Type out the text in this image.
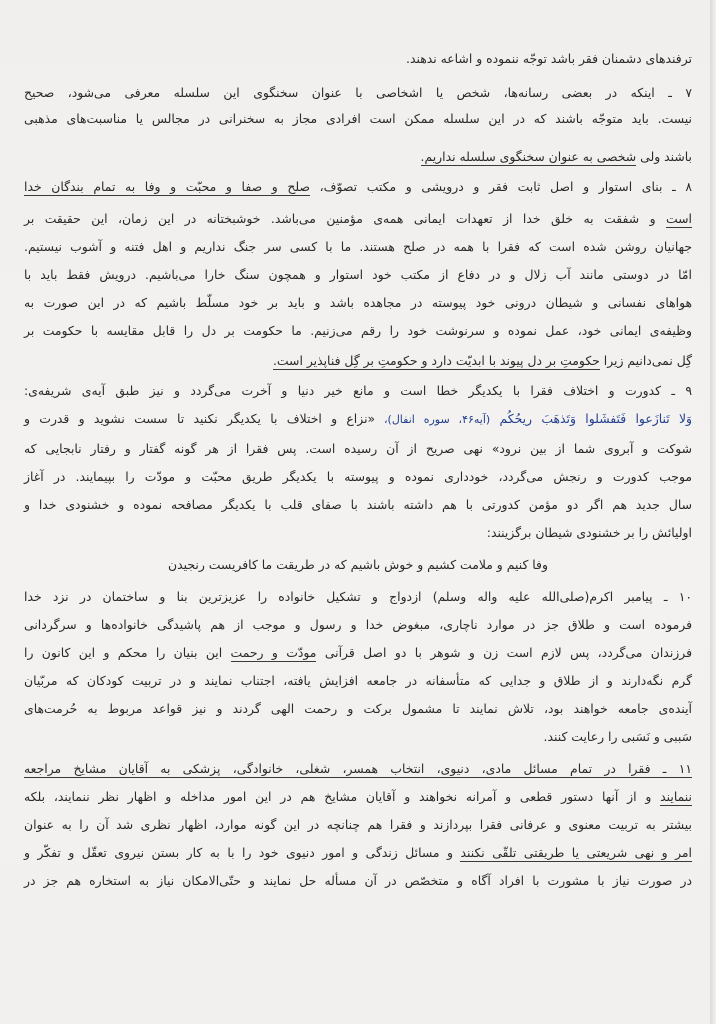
ترفندهای دشمنان فقر باشد توجّه ننموده و اشاعه ندهند.
۷ ـ اینکه در بعضی رسانه‌ها، شخص یا اشخاصی با عنوان سخنگوی این سلسله معرفی می‌شود، صحیح
نیست. باید متوجّه باشند که در این سلسله ممکن است افرادی مجاز به سخنرانی در مجالس یا مناسبت‌های مذهبی
باشند ولی شخصی به عنوان سخنگوی سلسله نداریم.
۸ ـ بنای استوار و اصل ثابت فقر و درویشی و مکتب تصوّف، صلح و صفا و محبّت و وفا به تمام بندگان خدا
است و شفقت به خلق خدا از تعهدات ایمانی همه‌ی مؤمنین می‌باشد. خوشبختانه در این زمان، این حقیقت بر
جهانیان روشن شده است که فقرا با همه در صلح هستند. ما با کسی سر جنگ نداریم و اهل فتنه و آشوب نیستیم.
امّا در دوستی مانند آب زلال و در دفاع از مکتب خود استوار و همچون سنگ خارا می‌باشیم. درویش فقط باید با
هواهای نفسانی و شیطان درونی خود پیوسته در مجاهده باشد و باید بر خود مسلّط باشیم که در این صورت به
وظیفه‌ی ایمانی خود، عمل نموده و سرنوشت خود را رقم می‌زنیم. ما حکومت بر دل را قابل مقایسه با حکومت بر
گِل نمی‌دانیم زیرا حکومتِ بر دل پیوند با ابدیّت دارد و حکومتِ بر گِل فناپذیر است.
۹ ـ کدورت و اختلاف فقرا با یکدیگر خطا است و مانع خیر دنیا و آخرت می‌گردد و نیز طبق آیه‌ی شریفه‌ی:
وَلا تَنازَعوا فَتَفشَلوا وَتَذهَبَ ريحُكُم (آیه۴۶، سوره انفال)، «نزاع و اختلاف با یکدیگر نکنید تا سست نشوید و قدرت و
شوکت و آبروی شما از بین نرود» نهی صریح از آن رسیده است. پس فقرا از هر گونه گفتار و رفتار نابجایی که
موجب کدورت و رنجش می‌گردد، خودداری نموده و پیوسته با یکدیگر طریق محبّت و مودّت را بپیمایند. در آغاز
سال جدید هم اگر دو مؤمن کدورتی با هم داشته باشند با صفای قلب با یکدیگر مصافحه نموده و خشنودی خدا و
اولیائش را بر خشنودی شیطان برگزینند:
وفا کنیم و ملامت کشیم و خوش باشیم که در طریقت ما کافریست رنجیدن
۱۰ ـ پیامبر اکرم(صلی‌الله علیه واله وسلم) ازدواج و تشکیل خانواده را عزیزترین بنا و ساختمان در نزد خدا
فرموده است و طلاق جز در موارد ناچاری، مبغوض خدا و رسول و موجب از هم پاشیدگی خانواده‌ها و سرگردانی
فرزندان می‌گردد، پس لازم است زن و شوهر با دو اصل قرآنی مودّت و رحمت این بنیان را محکم و این کانون را
گرم نگه‌دارند و از طلاق و جدایی که متأسفانه در جامعه افزایش یافته، اجتناب نمایند و در تربیت کودکان که مربّیان
آینده‌ی جامعه خواهند بود، تلاش نمایند تا مشمول برکت و رحمت الهی گردند و نیز قواعد مربوط به حُرمت‌های
سَببی و نَسَبی را رعایت کنند.
۱۱ ـ فقرا در تمام مسائل مادی، دنیوی، انتخاب همسر، شغلی، خانوادگی، پزشکی به آقایان مشایخ مراجعه
ننمایند و از آنها دستور قطعی و آمرانه نخواهند و آقایان مشایخ هم در این امور مداخله و اظهار نظر ننمایند، بلکه
بیشتر به تربیت معنوی و عرفانی فقرا بپردازند و فقرا هم چنانچه در این گونه موارد، اظهار نظری شد آن را به عنوان
امر و نهی شریعتی یا طریقتی تلقّی نکنند و مسائل زندگی و امور دنیوی خود را با به کار بستن نیروی تعقّل و تفکّر و
در صورت نیاز با مشورت با افراد آگاه و متخصّص در آن مسأله حل نمایند و حتّی‌الامکان نیاز به استخاره هم جز در
